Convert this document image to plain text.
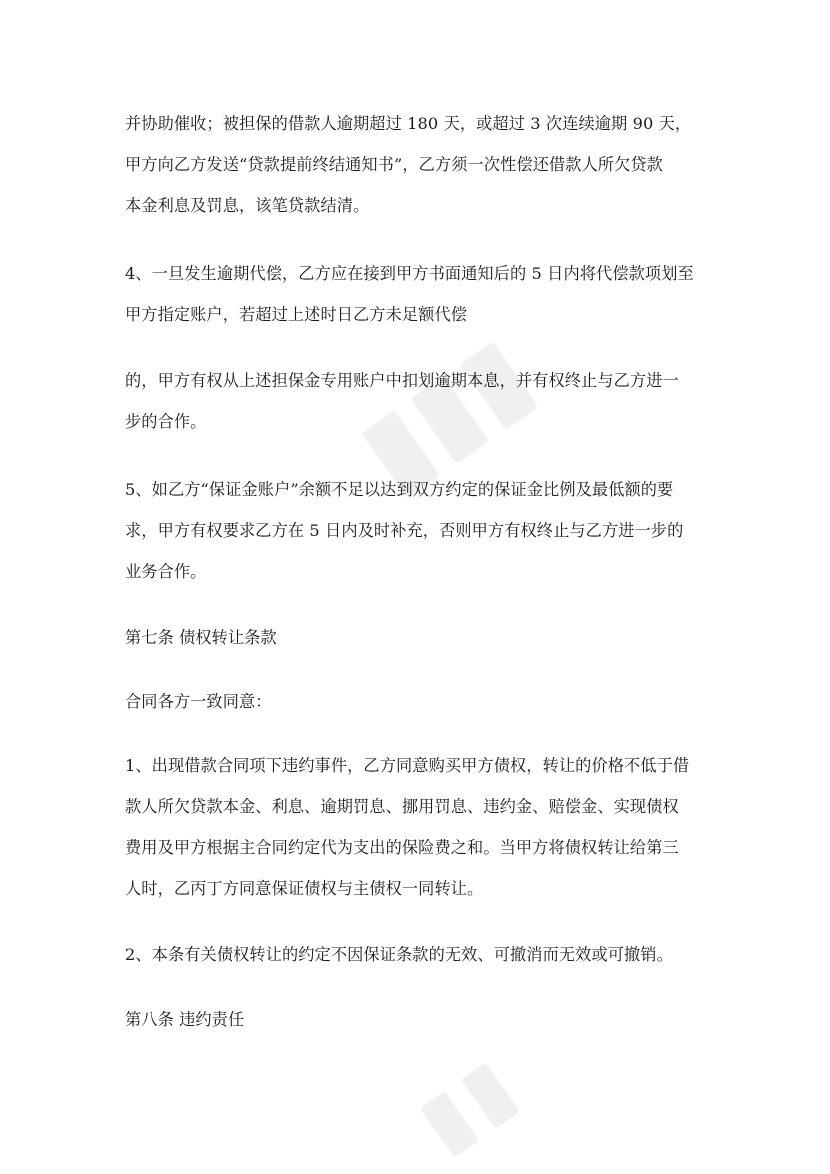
并协助催收；被担保的借款人逾期超过 180 天，或超过 3 次连续逾期 90 天，
甲方向乙方发送“贷款提前终结通知书”，乙方须一次性偿还借款人所欠贷款
本金利息及罚息，该笔贷款结清。
4、一旦发生逾期代偿，乙方应在接到甲方书面通知后的 5 日内将代偿款项划至
甲方指定账户，若超过上述时日乙方未足额代偿
的，甲方有权从上述担保金专用账户中扣划逾期本息，并有权终止与乙方进一
步的合作。
5、如乙方“保证金账户”余额不足以达到双方约定的保证金比例及最低额的要
求，甲方有权要求乙方在 5 日内及时补充，否则甲方有权终止与乙方进一步的
业务合作。
第七条 债权转让条款
合同各方一致同意：
1、出现借款合同项下违约事件，乙方同意购买甲方债权，转让的价格不低于借
款人所欠贷款本金、利息、逾期罚息、挪用罚息、违约金、赔偿金、实现债权
费用及甲方根据主合同约定代为支出的保险费之和。当甲方将债权转让给第三
人时，乙丙丁方同意保证债权与主债权一同转让。
2、本条有关债权转让的约定不因保证条款的无效、可撤消而无效或可撤销。
第八条 违约责任
